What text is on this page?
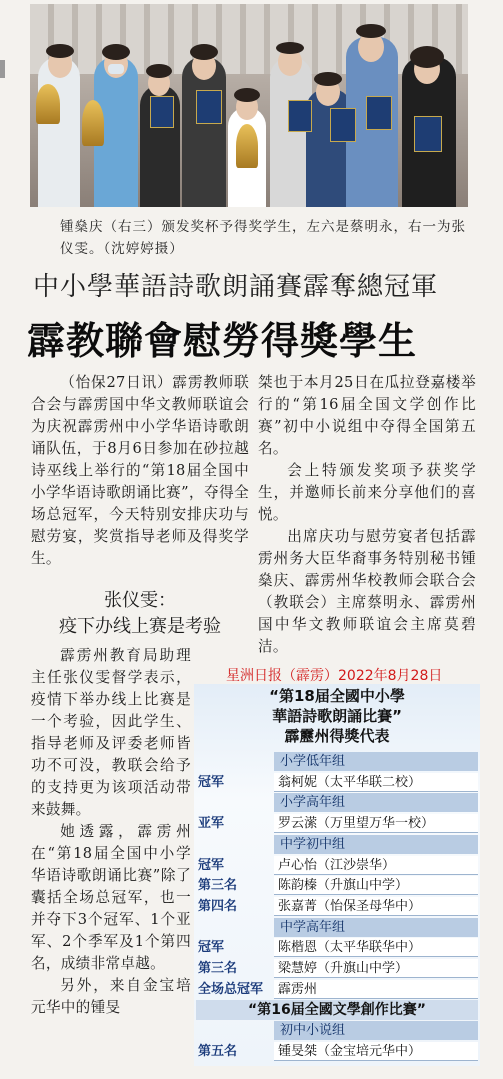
锺燊庆（右三）颁发奖杯予得奖学生，左六是蔡明永，右一为张仪雯。（沈婷婷摄）
中小學華語詩歌朗誦賽霹奪總冠軍
霹教聯會慰勞得獎學生

（怡保27日讯）霹雳教师联合会与霹雳国中华文教师联谊会为庆祝霹雳州中小学华语诗歌朗诵队伍，于8月6日参加在砂拉越诗巫线上举行的“第18届全国中小学华语诗歌朗诵比赛”，夺得全场总冠军，今天特别安排庆功与慰劳宴，奖赏指导老师及得奖学生。

张仪雯：
疫下办线上赛是考验

霹雳州教育局助理主任张仪雯督学表示，疫情下举办线上比赛是一个考验，因此学生、指导老师及评委老师皆功不可没，教联会给予的支持更为该项活动带来鼓舞。

她透露，霹雳州在“第18届全国中小学华语诗歌朗诵比赛”除了囊括全场总冠军，也一并夺下3个冠军、1个亚军、2个季军及1个第四名，成绩非常卓越。

另外，来自金宝培元华中的锺旻

桀也于本月25日在瓜拉登嘉楼举行的“第16届全国文学创作比赛”初中小说组中夺得全国第五名。

会上特颁发奖项予获奖学生，并邀师长前来分享他们的喜悦。

出席庆功与慰劳宴者包括霹雳州务大臣华裔事务特别秘书锺燊庆、霹雳州华校教师会联合会（教联会）主席蔡明永、霹雳州国中华文教师联谊会主席莫碧洁。

星洲日报（霹雳）2022年8月28日
“第18届全國中小學
華語詩歌朗誦比賽”
霹靂州得獎代表
小学低年组
冠军	翁柯妮（太平华联二校）
小学高年组
亚军	罗云潆（万里望万华一校）
中学初中组
冠军	卢心怡（江沙崇华）
第三名	陈韵榛（升旗山中学）
第四名	张嘉菁（怡保圣母华中）
中学高年组
冠军	陈楷恩（太平华联华中）
第三名	梁慧婷（升旗山中学）
全场总冠军	霹雳州
“第16届全國文學創作比賽”
初中小说组
第五名	锺旻桀（金宝培元华中）
